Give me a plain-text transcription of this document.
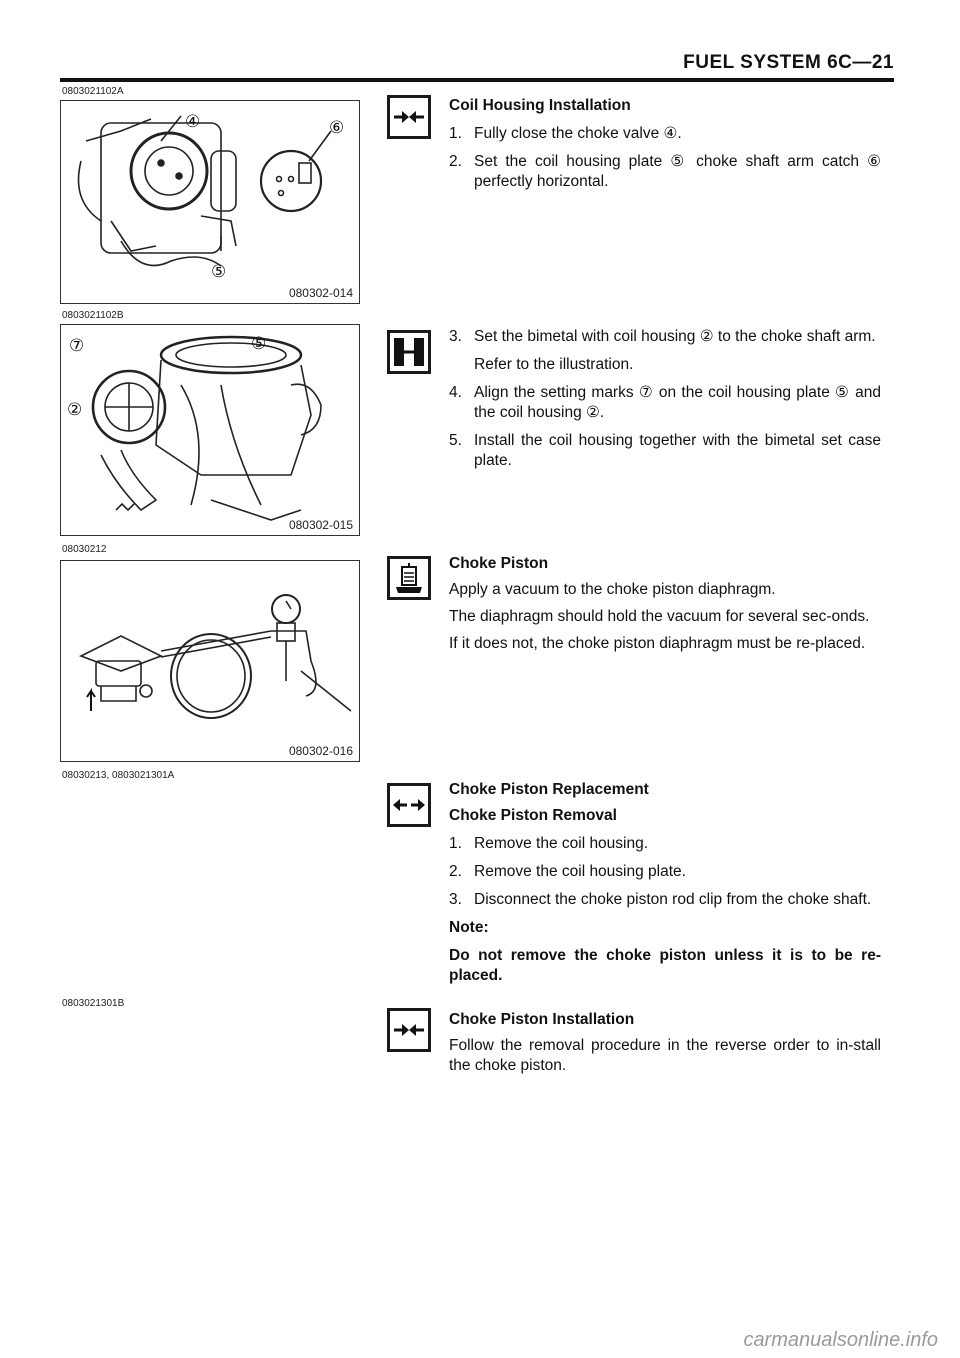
FUEL SYSTEM 6C—21
0803021102A
④	⑥
⑤
080302-014
0803021102B
⑦	⑤
②
080302-015
08030212
080302-016
08030213, 0803021301A
0803021301B
Coil Housing Installation
1. Fully close the choke valve ④.
2. Set the coil housing plate ⑤ choke shaft arm catch ⑥ perfectly horizontal.
3. Set the bimetal with coil housing ② to the choke shaft arm.
Refer to the illustration.
4. Align the setting marks ⑦ on the coil housing plate ⑤ and the coil housing ②.
5. Install the coil housing together with the bimetal set case plate.
Choke Piston
Apply a vacuum to the choke piston diaphragm.
The diaphragm should hold the vacuum for several sec-onds.
If it does not, the choke piston diaphragm must be re-placed.
Choke Piston Replacement
Choke Piston Removal
1. Remove the coil housing.
2. Remove the coil housing plate.
3. Disconnect the choke piston rod clip from the choke shaft.
Note:
Do not remove the choke piston unless it is to be re-placed.
Choke Piston Installation
Follow the removal procedure in the reverse order to in-stall the choke piston.
carmanualsonline.info
